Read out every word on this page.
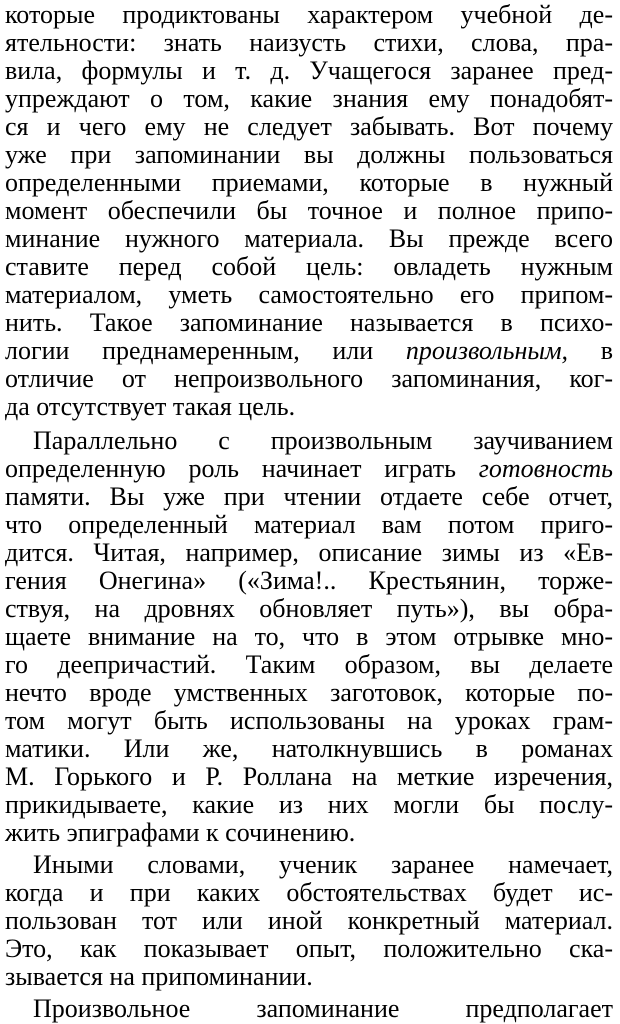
которые продиктованы характером учебной де-
ятельности: знать наизусть стихи, слова, пра-
вила, формулы и т. д. Учащегося заранее пред-
упреждают о том, какие знания ему понадобят-
ся и чего ему не следует забывать. Вот почему
уже при запоминании вы должны пользоваться
определенными приемами, которые в нужный
момент обеспечили бы точное и полное припо-
минание нужного материала. Вы прежде всего
ставите перед собой цель: овладеть нужным
материалом, уметь самостоятельно его припом-
нить. Такое запоминание называется в психо-
логии преднамеренным, или произвольным, в
отличие от непроизвольного запоминания, ког-
да отсутствует такая цель.
Параллельно с произвольным заучиванием
определенную роль начинает играть готовность
памяти. Вы уже при чтении отдаете себе отчет,
что определенный материал вам потом приго-
дится. Читая, например, описание зимы из «Ев-
гения Онегина» («Зима!.. Крестьянин, торже-
ствуя, на дровнях обновляет путь»), вы обра-
щаете внимание на то, что в этом отрывке мно-
го деепричастий. Таким образом, вы делаете
нечто вроде умственных заготовок, которые по-
том могут быть использованы на уроках грам-
матики. Или же, натолкнувшись в романах
М. Горького и Р. Роллана на меткие изречения,
прикидываете, какие из них могли бы послу-
жить эпиграфами к сочинению.
Иными словами, ученик заранее намечает,
когда и при каких обстоятельствах будет ис-
пользован тот или иной конкретный материал.
Это, как показывает опыт, положительно ска-
зывается на припоминании.
Произвольное запоминание предполагает
